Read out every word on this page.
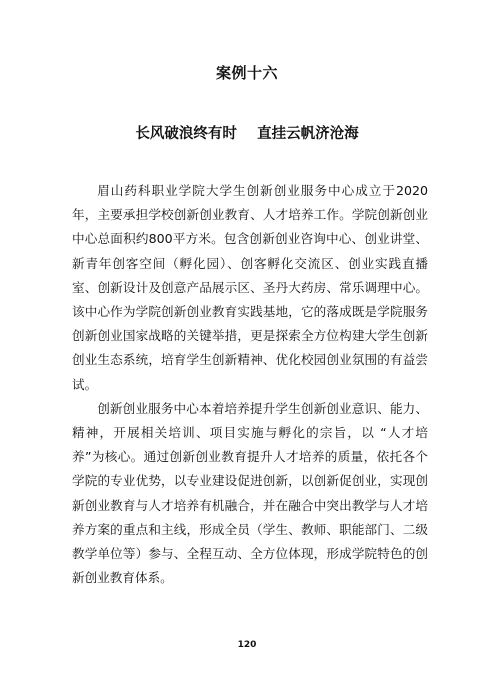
案例十六
长风破浪终有时    直挂云帆济沧海

眉山药科职业学院大学生创新创业服务中心成立于2020年，主要承担学校创新创业教育、人才培养工作。学院创新创业中心总面积约800平方米。包含创新创业咨询中心、创业讲堂、新青年创客空间（孵化园）、创客孵化交流区、创业实践直播室、创新设计及创意产品展示区、圣丹大药房、常乐调理中心。该中心作为学院创新创业教育实践基地，它的落成既是学院服务创新创业国家战略的关键举措，更是探索全方位构建大学生创新创业生态系统，培育学生创新精神、优化校园创业氛围的有益尝试。

创新创业服务中心本着培养提升学生创新创业意识、能力、精神，开展相关培训、项目实施与孵化的宗旨，以 “人才培养”为核心。通过创新创业教育提升人才培养的质量，依托各个学院的专业优势，以专业建设促进创新，以创新促创业，实现创新创业教育与人才培养有机融合，并在融合中突出教学与人才培养方案的重点和主线，形成全员（学生、教师、职能部门、二级教学单位等）参与、全程互动、全方位体现，形成学院特色的创新创业教育体系。

120
